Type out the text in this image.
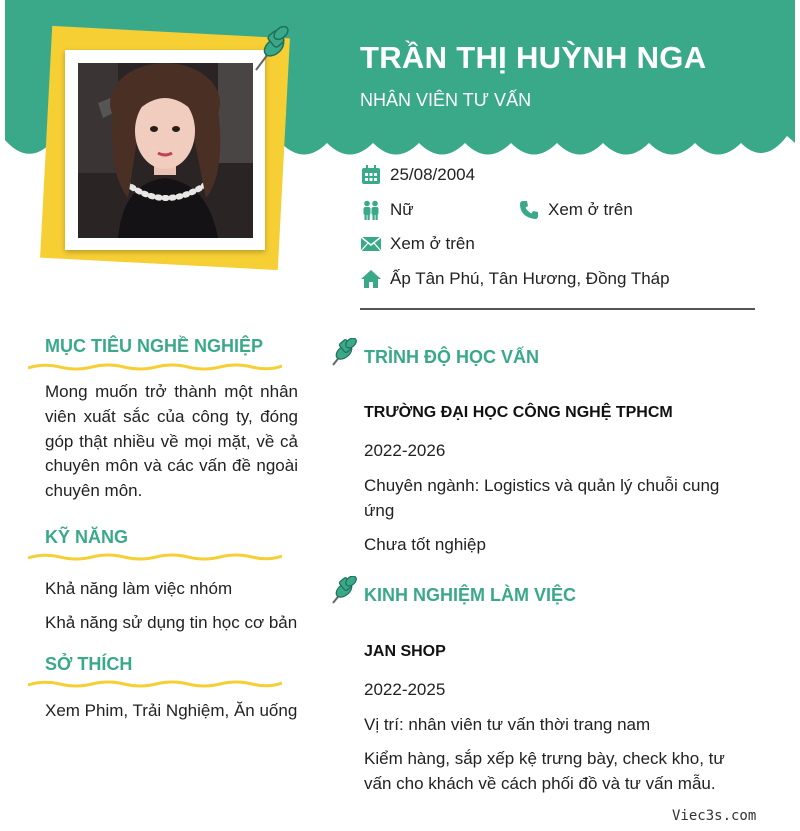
TRẦN THỊ HUỲNH NGA
NHÂN VIÊN TƯ VẤN
25/08/2004
Nữ	Xem ở trên
Xem ở trên
Ấp Tân Phú, Tân Hương, Đồng Tháp
MỤC TIÊU NGHỀ NGHIỆP
Mong muốn trở thành một nhân viên xuất sắc của công ty, đóng góp thật nhiều về mọi mặt, về cả chuyên môn và các vấn đề ngoài chuyên môn.
KỸ NĂNG
Khả năng làm việc nhóm
Khả năng sử dụng tin học cơ bản
SỞ THÍCH
Xem Phim, Trải Nghiệm, Ăn uống
TRÌNH ĐỘ HỌC VẤN
TRƯỜNG ĐẠI HỌC CÔNG NGHỆ TPHCM
2022-2026
Chuyên ngành: Logistics và quản lý chuỗi cung ứng
Chưa tốt nghiệp
KINH NGHIỆM LÀM VIỆC
JAN SHOP
2022-2025
Vị trí: nhân viên tư vấn thời trang nam
Kiểm hàng, sắp xếp kệ trưng bày, check kho, tư vấn cho khách về cách phối đồ và tư vấn mẫu.
Viec3s.com
